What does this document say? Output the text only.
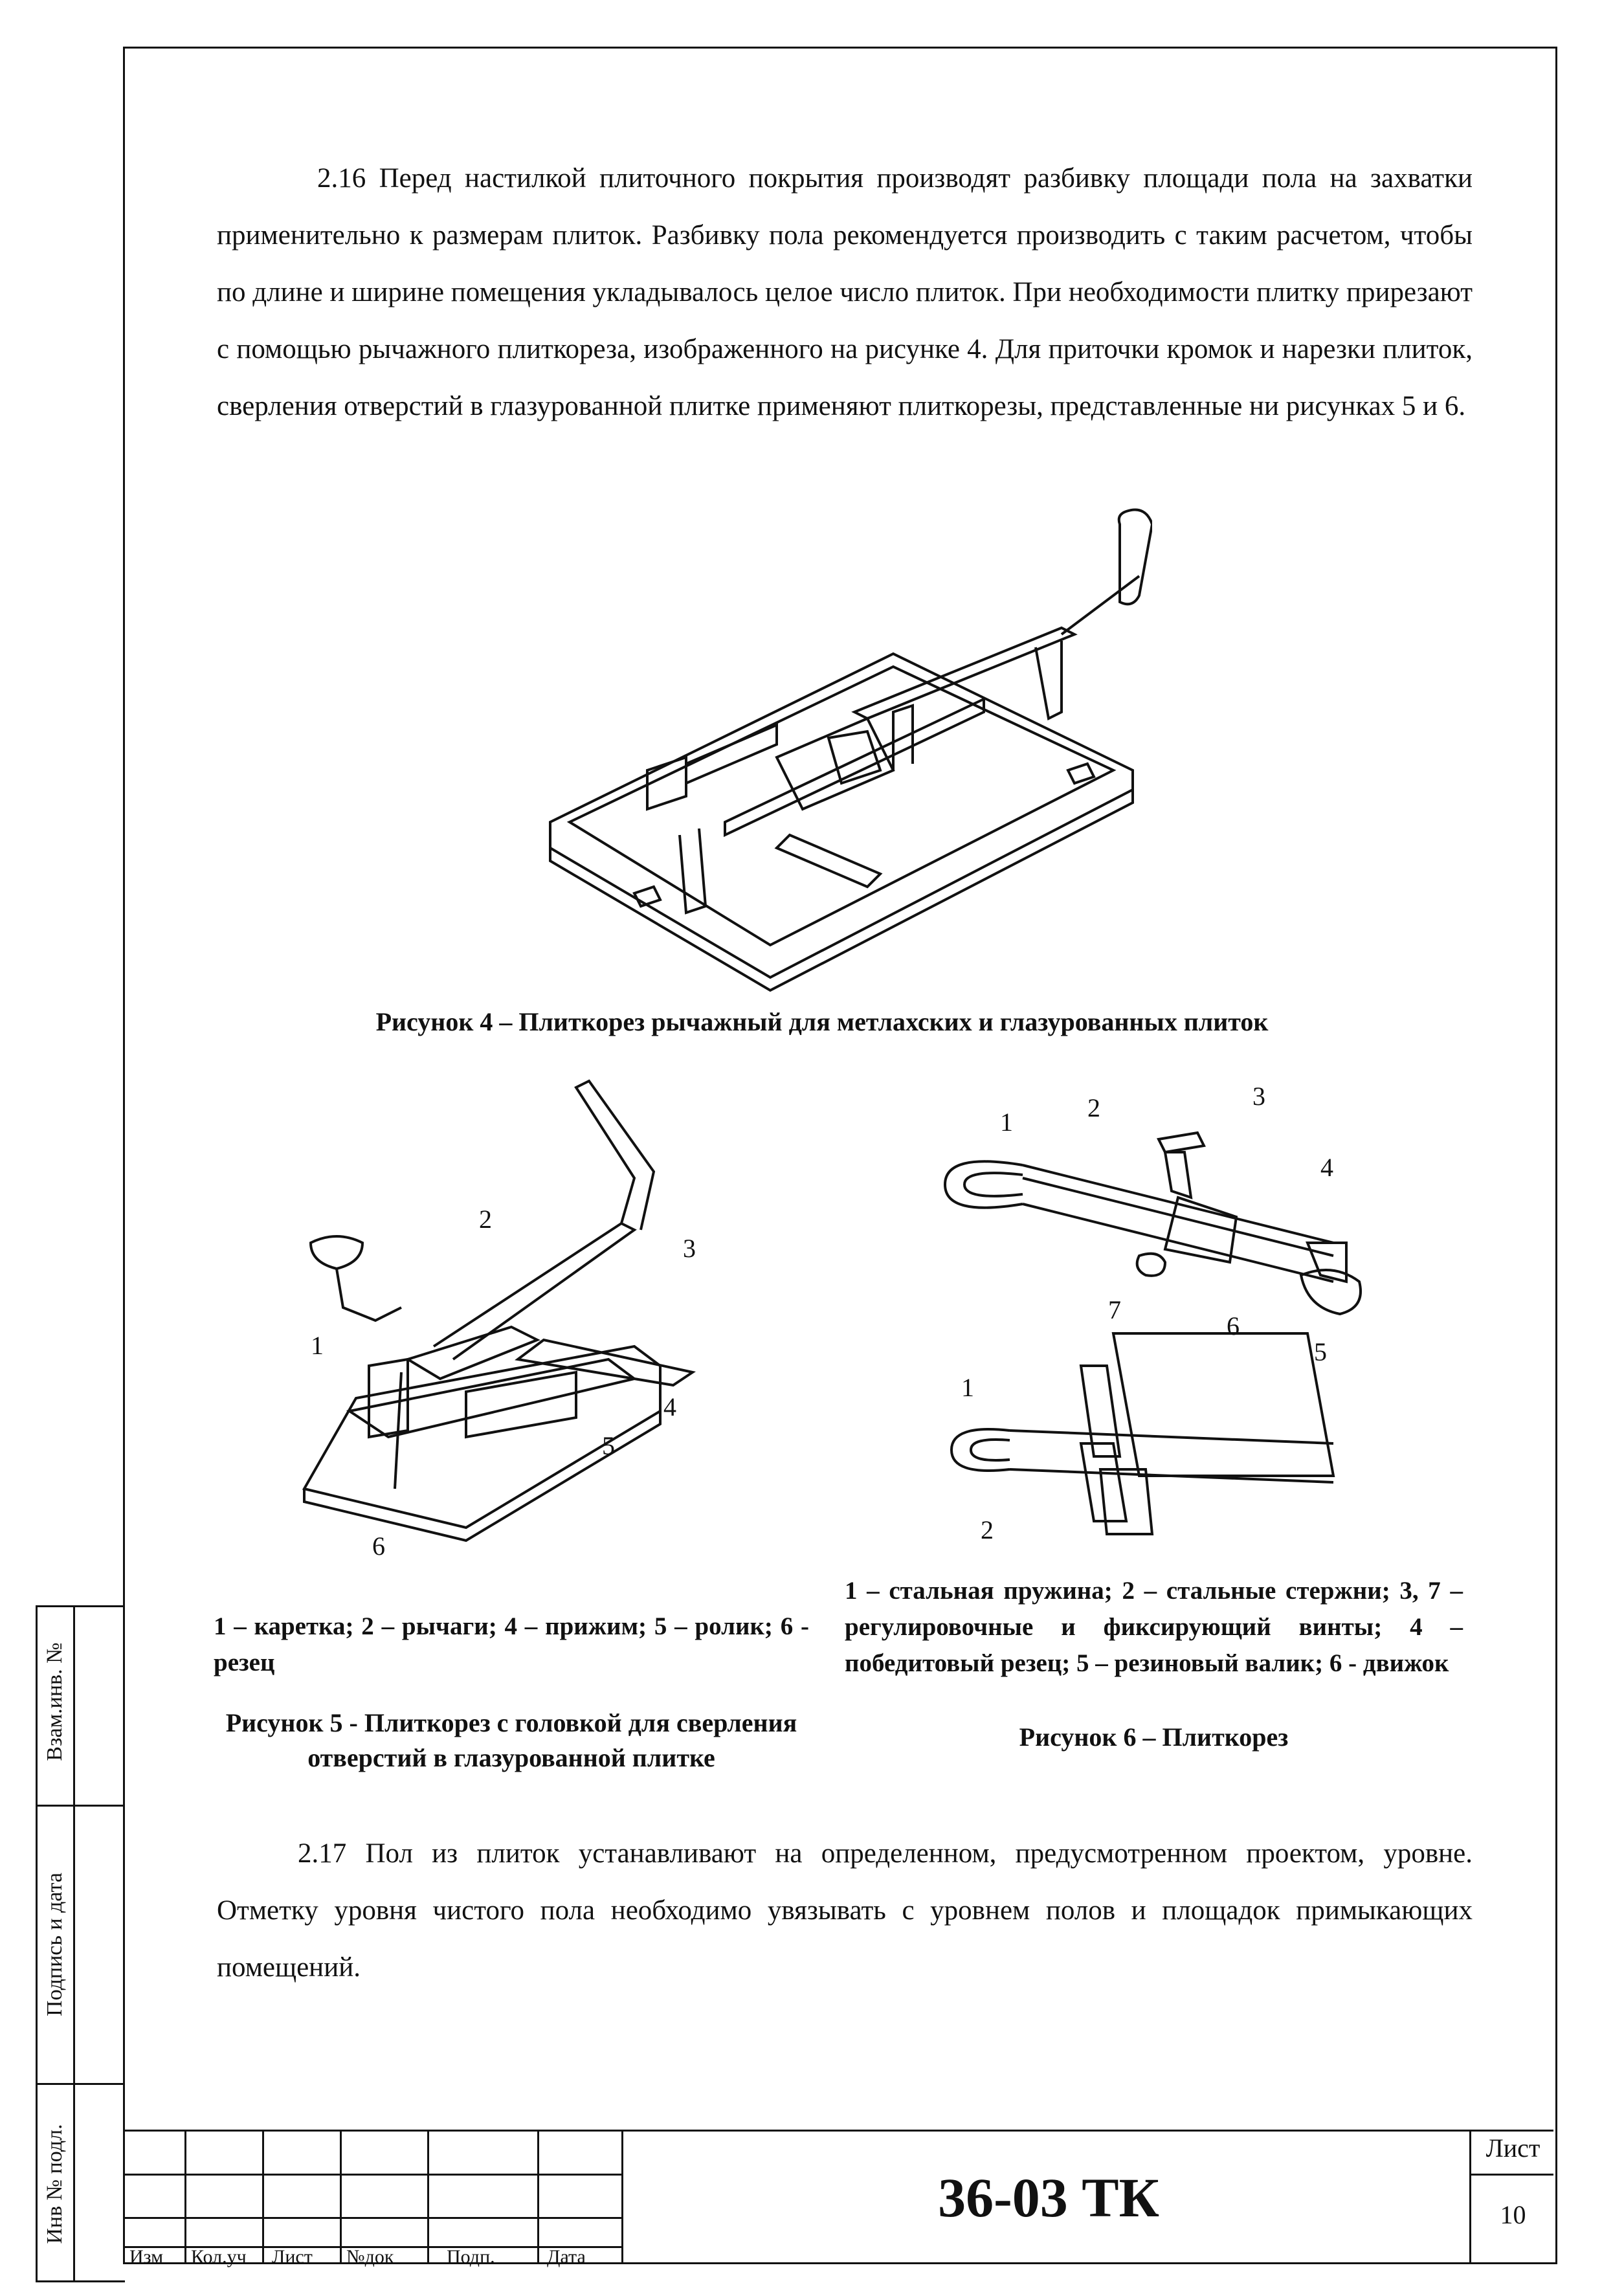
2.16 Перед настилкой плиточного покрытия производят разбивку площади пола на захватки применительно к размерам плиток. Разбивку пола рекомендуется производить с таким расчетом, чтобы по длине и ширине помещения укладывалось целое число плиток. При необходимости плитку прирезают с помощью рычажного плиткореза, изображенного на рисунке 4. Для приточки кромок и нарезки плиток, сверления отверстий в глазурованной плитке применяют плиткорезы, представленные ни рисунках 5 и 6.
Рисунок 4 – Плиткорез рычажный для метлахских и глазурованных плиток
1
2
3
4
5
6
1	2	3
4
5
6
7
1
2
1 – каретка; 2 – рычаги; 4 – прижим; 5 – ролик; 6 - резец
Рисунок 5 - Плиткорез с головкой для сверления отверстий в глазурованной плитке
1 – стальная пружина; 2 – стальные стержни; 3, 7 – регулировочные и фиксирующий винты; 4 – победитовый резец; 5 – резиновый валик; 6 - движок
Рисунок 6 – Плиткорез
2.17 Пол из плиток устанавливают на определенном, предусмотренном проектом, уровне. Отметку уровня чистого пола необходимо увязывать с уровнем полов и площадок примыкающих помещений.
Взам.инв. №
Подпись и дата
Инв № подл.
Изм Кол.уч Лист №док	Подп.	Дата
36-03 ТК
Лист
10
